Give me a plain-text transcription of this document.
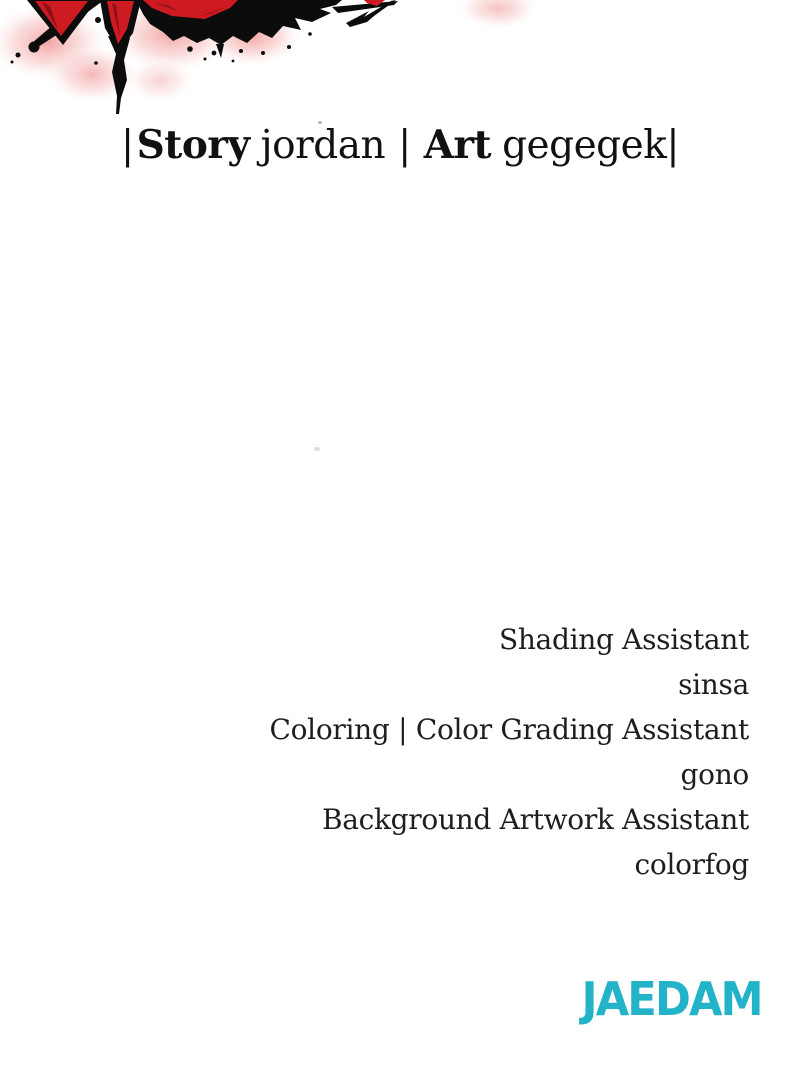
|Story jordan | Art gegegek|
Shading Assistant
sinsa
Coloring | Color Grading Assistant
gono
Background Artwork Assistant
colorfog
JAEDAM
